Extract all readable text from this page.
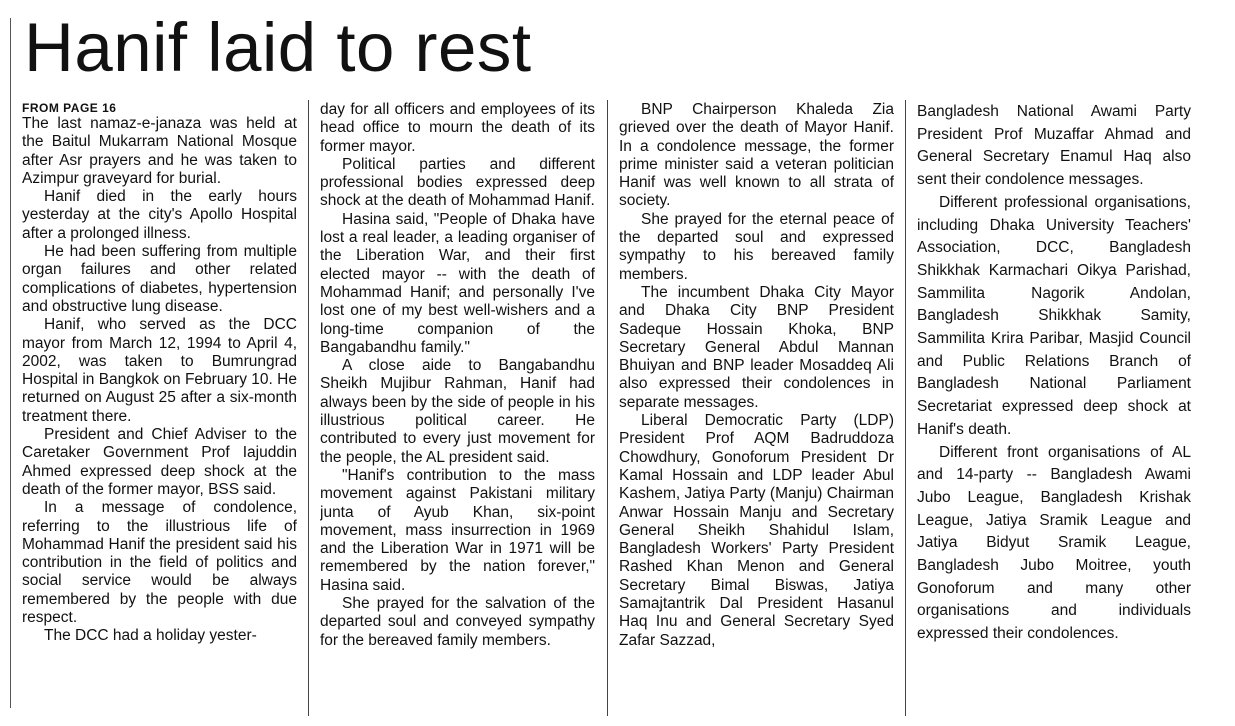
Hanif laid to rest
FROM PAGE 16

The last namaz-e-janaza was held at the Baitul Mukarram National Mosque after Asr prayers and he was taken to Azimpur graveyard for burial.

Hanif died in the early hours yesterday at the city's Apollo Hospital after a prolonged illness.

He had been suffering from multiple organ failures and other related complications of diabetes, hypertension and obstructive lung disease.

Hanif, who served as the DCC mayor from March 12, 1994 to April 4, 2002, was taken to Bumrungrad Hospital in Bangkok on February 10. He returned on August 25 after a six-month treatment there.

President and Chief Adviser to the Caretaker Government Prof Iajuddin Ahmed expressed deep shock at the death of the former mayor, BSS said.

In a message of condolence, referring to the illustrious life of Mohammad Hanif the president said his contribution in the field of politics and social service would be always remembered by the people with due respect.

The DCC had a holiday yester-

day for all officers and employees of its head office to mourn the death of its former mayor.

Political parties and different professional bodies expressed deep shock at the death of Mohammad Hanif.

Hasina said, "People of Dhaka have lost a real leader, a leading organiser of the Liberation War, and their first elected mayor -- with the death of Mohammad Hanif; and personally I've lost one of my best well-wishers and a long-time companion of the Bangabandhu family."

A close aide to Bangabandhu Sheikh Mujibur Rahman, Hanif had always been by the side of people in his illustrious political career. He contributed to every just movement for the people, the AL president said.

"Hanif's contribution to the mass movement against Pakistani military junta of Ayub Khan, six-point movement, mass insurrection in 1969 and the Liberation War in 1971 will be remembered by the nation forever," Hasina said.

She prayed for the salvation of the departed soul and conveyed sympathy for the bereaved family members.

BNP Chairperson Khaleda Zia grieved over the death of Mayor Hanif. In a condolence message, the former prime minister said a veteran politician Hanif was well known to all strata of society.

She prayed for the eternal peace of the departed soul and expressed sympathy to his bereaved family members.

The incumbent Dhaka City Mayor and Dhaka City BNP President Sadeque Hossain Khoka, BNP Secretary General Abdul Mannan Bhuiyan and BNP leader Mosaddeq Ali also expressed their condolences in separate messages.

Liberal Democratic Party (LDP) President Prof AQM Badruddoza Chowdhury, Gonoforum President Dr Kamal Hossain and LDP leader Abul Kashem, Jatiya Party (Manju) Chairman Anwar Hossain Manju and Secretary General Sheikh Shahidul Islam, Bangladesh Workers' Party President Rashed Khan Menon and General Secretary Bimal Biswas, Jatiya Samajtantrik Dal President Hasanul Haq Inu and General Secretary Syed Zafar Sazzad,

Bangladesh National Awami Party President Prof Muzaffar Ahmad and General Secretary Enamul Haq also sent their condolence messages.

Different professional organisations, including Dhaka University Teachers' Association, DCC, Bangladesh Shikkhak Karmachari Oikya Parishad, Sammilita Nagorik Andolan, Bangladesh Shikkhak Samity, Sammilita Krira Paribar, Masjid Council and Public Relations Branch of Bangladesh National Parliament Secretariat expressed deep shock at Hanif's death.

Different front organisations of AL and 14-party -- Bangladesh Awami Jubo League, Bangladesh Krishak League, Jatiya Sramik League and Jatiya Bidyut Sramik League, Bangladesh Jubo Moitree, youth Gonoforum and many other organisations and individuals expressed their condolences.
